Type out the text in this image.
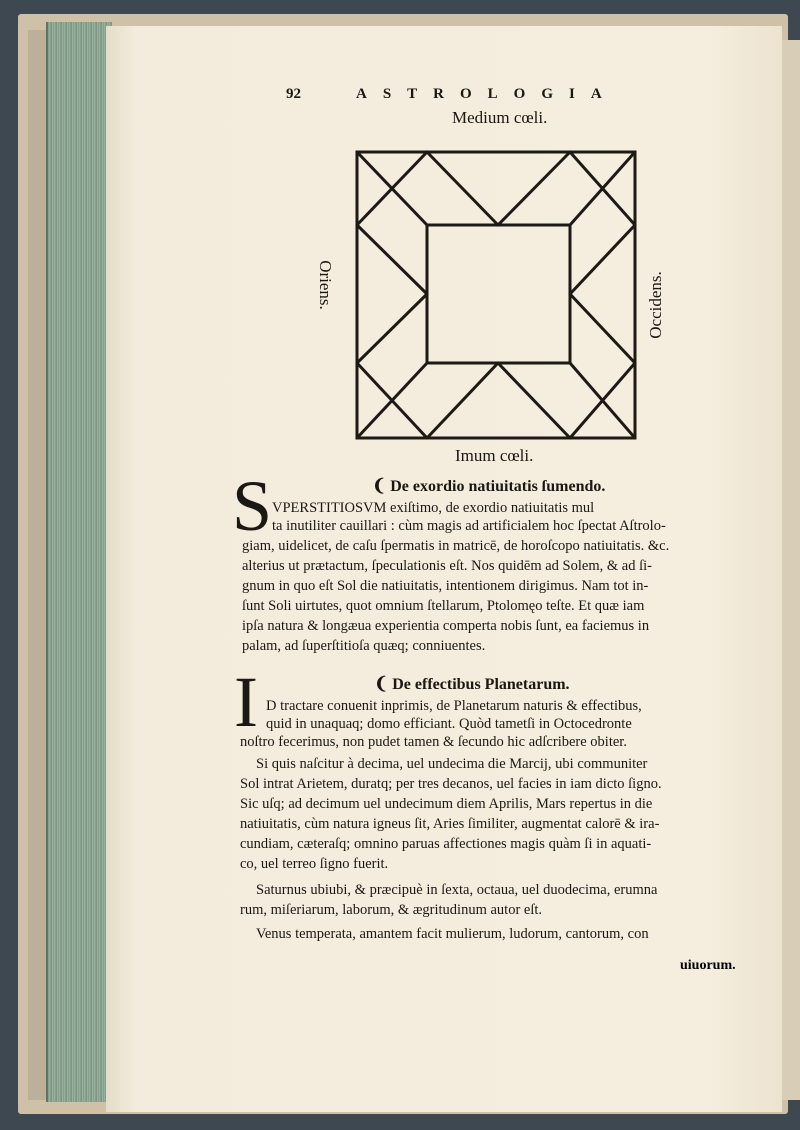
92	ASTROLOGIA
Medium cœli.
Imum cœli.
Oriens.	Occidens.
❨ De exordio natiuitatis ſumendo.
S VPERSTITIOSVM exiſtimo, de exordio natiuitatis mul
ta inutiliter cauillari : cùm magis ad artificialem hoc ſpectat Aſtrolo-
giam, uidelicet, de caſu ſpermatis in matricē, de horoſcopo natiuitatis. &c.
alterius ut prætactum, ſpeculationis eſt. Nos quidēm ad Solem, & ad ſi-
gnum in quo eſt Sol die natiuitatis, intentionem dirigimus. Nam tot in-
ſunt Soli uirtutes, quot omnium ſtellarum, Ptolomęo teſte. Et quæ iam
ipſa natura & longæua experientia comperta nobis ſunt, ea faciemus in
palam, ad ſuperſtitioſa quæq; conniuentes.
❨ De effectibus Planetarum.
I D tractare conuenit inprimis, de Planetarum naturis & effectibus,
quid in unaquaq; domo efficiant. Quòd tametſi in Octocedronte
noſtro fecerimus, non pudet tamen & ſecundo hic adſcribere obiter.
Si quis naſcitur à decima, uel undecima die Marcij, ubi communiter
Sol intrat Arietem, duratq; per tres decanos, uel facies in iam dicto ſigno.
Sic uſq; ad decimum uel undecimum diem Aprilis, Mars repertus in die
natiuitatis, cùm natura igneus ſit, Aries ſimiliter, augmentat calorē & ira-
cundiam, cæteraſq; omnino paruas affectiones magis quàm ſi in aquati-
co, uel terreo ſigno fuerit.
Saturnus ubiubi, & præcipuè in ſexta, octaua, uel duodecima, erumna
rum, miſeriarum, laborum, & ægritudinum autor eſt.
Venus temperata, amantem facit mulierum, ludorum, cantorum, con
uiuorum.
